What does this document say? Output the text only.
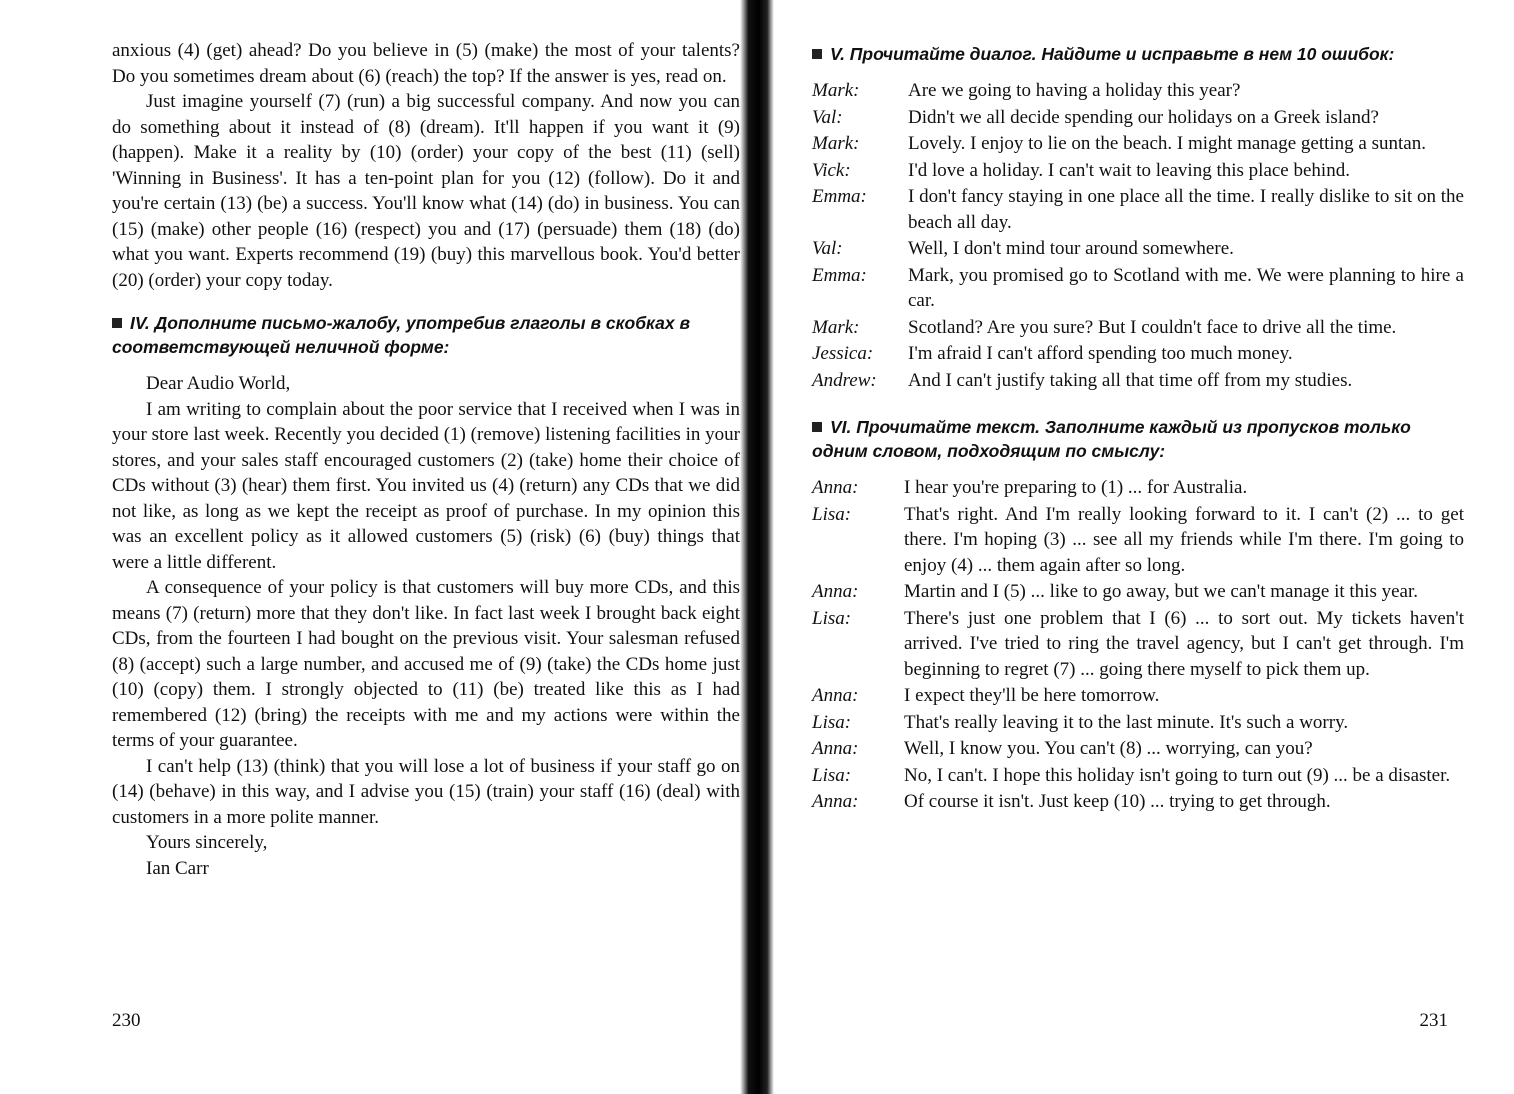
anxious (4) (get) ahead? Do you believe in (5) (make) the most of your talents? Do you sometimes dream about (6) (reach) the top? If the answer is yes, read on.

Just imagine yourself (7) (run) a big successful company. And now you can do something about it instead of (8) (dream). It'll happen if you want it (9) (happen). Make it a reality by (10) (order) your copy of the best (11) (sell) 'Winning in Business'. It has a ten-point plan for you (12) (follow). Do it and you're certain (13) (be) a success. You'll know what (14) (do) in business. You can (15) (make) other people (16) (respect) you and (17) (persuade) them (18) (do) what you want. Experts recommend (19) (buy) this marvellous book. You'd better (20) (order) your copy today.

IV. Дополните письмо-жалобу, употребив глаголы в скобках в соответствующей неличной форме:

Dear Audio World,

I am writing to complain about the poor service that I received when I was in your store last week. Recently you decided (1) (remove) listening facilities in your stores, and your sales staff encouraged customers (2) (take) home their choice of CDs without (3) (hear) them first. You invited us (4) (return) any CDs that we did not like, as long as we kept the receipt as proof of purchase. In my opinion this was an excellent policy as it allowed customers (5) (risk) (6) (buy) things that were a little different.

A consequence of your policy is that customers will buy more CDs, and this means (7) (return) more that they don't like. In fact last week I brought back eight CDs, from the fourteen I had bought on the previous visit. Your salesman refused (8) (accept) such a large number, and accused me of (9) (take) the CDs home just (10) (copy) them. I strongly objected to (11) (be) treated like this as I had remembered (12) (bring) the receipts with me and my actions were within the terms of your guarantee.

I can't help (13) (think) that you will lose a lot of business if your staff go on (14) (behave) in this way, and I advise you (15) (train) your staff (16) (deal) with customers in a more polite manner.

Yours sincerely,

Ian Carr

230
V. Прочитайте диалог. Найдите и исправьте в нем 10 ошибок:
Mark:	Are we going to having a holiday this year?
Val:	Didn't we all decide spending our holidays on a Greek island?
Mark:	Lovely. I enjoy to lie on the beach. I might manage getting a suntan.
Vick:	I'd love a holiday. I can't wait to leaving this place behind.
Emma:	I don't fancy staying in one place all the time. I really dislike to sit on the beach all day.
Val:	Well, I don't mind tour around somewhere.
Emma:	Mark, you promised go to Scotland with me. We were planning to hire a car.
Mark:	Scotland? Are you sure? But I couldn't face to drive all the time.
Jessica:	I'm afraid I can't afford spending too much money.
Andrew:	And I can't justify taking all that time off from my studies.
VI. Прочитайте текст. Заполните каждый из пропусков только одним словом, подходящим по смыслу:
Anna:	I hear you're preparing to (1) ... for Australia.
Lisa:	That's right. And I'm really looking forward to it. I can't (2) ... to get there. I'm hoping (3) ... see all my friends while I'm there. I'm going to enjoy (4) ... them again after so long.
Anna:	Martin and I (5) ... like to go away, but we can't manage it this year.
Lisa:	There's just one problem that I (6) ... to sort out. My tickets haven't arrived. I've tried to ring the travel agency, but I can't get through. I'm beginning to regret (7) ... going there myself to pick them up.
Anna:	I expect they'll be here tomorrow.
Lisa:	That's really leaving it to the last minute. It's such a worry.
Anna:	Well, I know you. You can't (8) ... worrying, can you?
Lisa:	No, I can't. I hope this holiday isn't going to turn out (9) ... be a disaster.
Anna:	Of course it isn't. Just keep (10) ... trying to get through.
231
